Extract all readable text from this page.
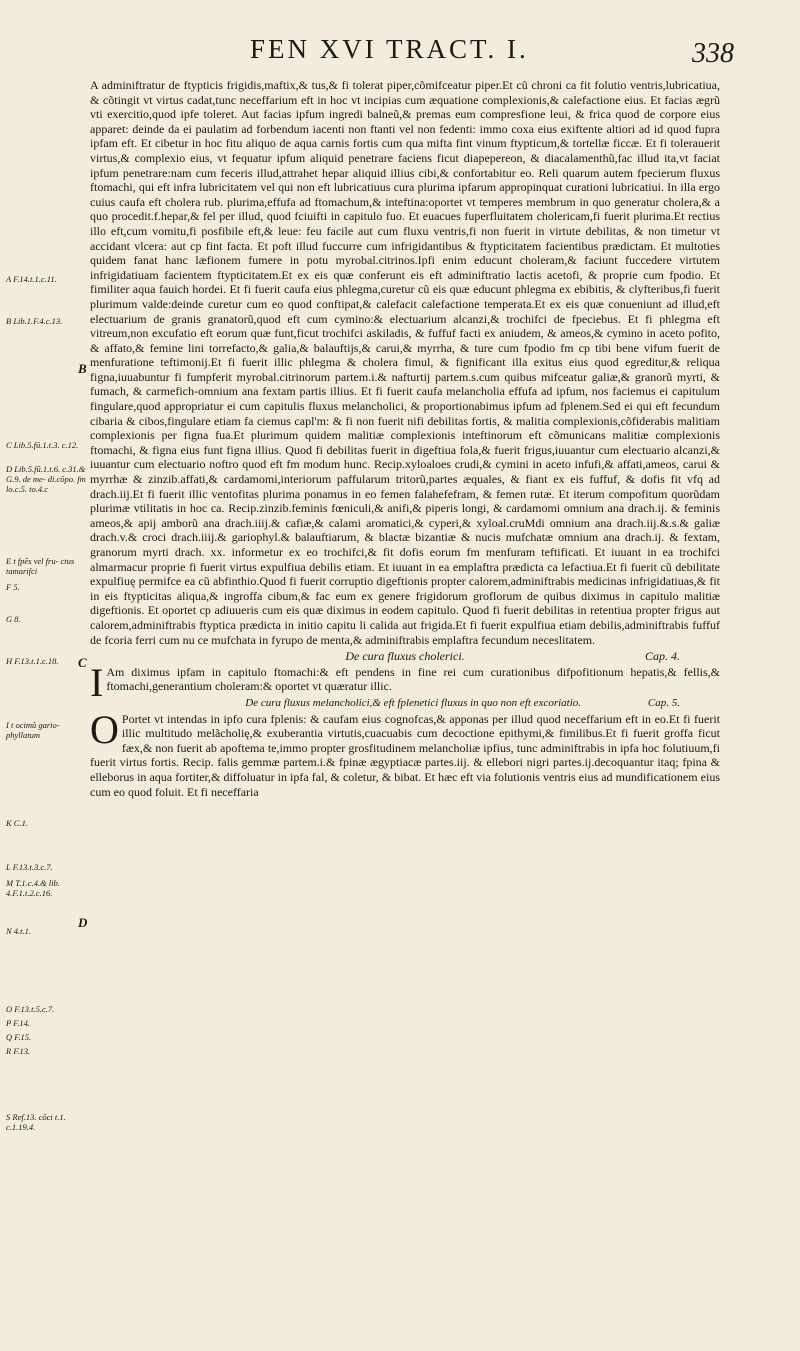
FEN XVI TRACT. I.	338
A F.14.t.1.c.11.
B Lib.1.F.4.c.13.
C Lib.5.fũ.1.t.3. c.12.
D Lib.5.fũ.1.t.6. c.31.& G.9. de me- di.cõpo. fm lo.c.5. to.4.c
E t fpẽs vel fru- ctus tamarifci
F 5.
G 8.
H F.13.t.1.c.18.
I t ocimũ gario- phyllatum
K C.1.
L F.13.t.3.c.7.
M T.1.c.4.& lib. 4.F.1.t.2.c.16.
N 4.t.1.
O F.13.t.5.c.7.
P F.14.
Q F.15.
R F.13.
S Ref.13. cõci t.1. c.1.19.4.
B
C
D

A adminiftratur de ftypticis frigidis,maftix,& tus,& fi tolerat piper,cõmifceatur piper.Et cũ chroni ca fit folutio ventris,lubricatiua, & cõtingit vt virtus cadat,tunc neceffarium eft in hoc vt incipias cum æquatione complexionis,& calefactione eius. Et facias ægrũ vti exercitio,quod ipfe toleret. Aut facias ipfum ingredi balneũ,& premas eum compresfione leui, & frica quod de corpore eius apparet: deinde da ei paulatim ad forbendum iacenti non ftanti vel non fedenti: immo coxa eius exiftente altiori ad id quod fupra ipfam eft. Et cibetur in hoc fitu aliquo de aqua carnis fortis cum qua mifta fint vinum ftypticum,& tortellæ ficcæ. Et fi tolerauerit virtus,& complexio eius, vt fequatur ipfum aliquid penetrare faciens ficut diapepereon, & diacalamenthũ,fac illud ita,vt faciat ipfum penetrare:nam cum feceris illud,attrahet hepar aliquid illius cibi,& confortabitur eo. Reli quarum autem fpecierum fluxus ftomachi, qui eft infra lubricitatem vel qui non eft lubricatiuus cura plurima ipfarum appropinquat curationi lubricatiui. In illa ergo cuius caufa eft cholera rub. plurima,effufa ad ftomachum,& inteftina:oportet vt temperes membrum in quo generatur cholera,& a quo procedit.f.hepar,& fel per illud, quod fciuifti in capitulo fuo. Et euacues fuperfluitatem cholericam,fi fuerit plurima.Et rectius illo eft,cum vomitu,fi posfibile eft,& leue: feu facile aut cum fluxu ventris,fi non fuerit in virtute debilitas, & non timetur vt accidant vlcera: aut cp fint facta. Et poft illud fuccurre cum infrigidantibus & ftypticitatem facientibus prædictam. Et multoties quidem fanat hanc læfionem fumere in potu myrobal.citrinos.Ipfi enim educunt choleram,& faciunt fuccedere virtutem infrigidatiuam facientem ftypticitatem.Et ex eis quæ conferunt eis eft adminiftratio lactis acetofi, & proprie cum fpodio. Et fimiliter aqua fauich hordei. Et fi fuerit caufa eius phlegma,curetur cũ eis quæ educunt phlegma ex ebibitis, & clyfteribus,fi fuerit plurimum valde:deinde curetur cum eo quod conftipat,& calefacit calefactione temperata.Et ex eis quæ conueniunt ad illud,eft electuarium de granis granatorũ,quod eft cum cymino:& electuarium alcanzi,& trochifci de fpeciebus. Et fi phlegma eft vitreum,non excufatio eft eorum quæ funt,ficut trochifci askiladis, & fuffuf facti ex aniudem, & ameos,& cymino in aceto pofito, & affato,& femine lini torrefacto,& galia,& balauftijs,& carui,& myrrha, & ture cum fpodio fm cp tibi bene vifum fuerit de menfuratione teftimonij.Et fi fuerit illic phlegma & cholera fimul, & fignificant illa exitus eius quod egreditur,& reliqua figna,iuuabuntur fi fumpferit myrobal.citrinorum partem.i.& nafturtij partem.s.cum quibus mifceatur galiæ,& granorũ myrti, & fumach, & carmefich-omnium ana fextam partis illius. Et fi fuerit caufa melancholia effufa ad ipfum, nos faciemus ei capitulum fingulare,quod appropriatur ei cum capitulis fluxus melancholici, & proportionabimus ipfum ad fplenem.Sed ei qui eft fecundum cibaria & cibos,fingulare etiam fa ciemus capl'm: & fi non fuerit nifi debilitas fortis, & malitia complexionis,cõfiderabis malitiam complexionis per figna fua.Et plurimum quidem malitiæ complexionis inteftinorum eft cõmunicans malitiæ complexionis ftomachi, & figna eius funt figna illius. Quod fi debilitas fuerit in digeftiua fola,& fuerit frigus,iuuantur cum electuario alcanzi,& iuuantur cum electuario noftro quod eft fm modum hunc. Recip.xyloaloes crudi,& cymini in aceto infufi,& affati,ameos, carui & myrrhæ & zinzib.affati,& cardamomi,interiorum paffularum tritorũ,partes æquales, & fiant ex eis fuffuf, & dofis fit vfq ad drach.iij.Et fi fuerit illic ventofitas plurima ponamus in eo femen falahefefram, & femen rutæ. Et iterum compofitum quorũdam plurimæ vtilitatis in hoc ca. Recip.zinzib.feminis fœniculi,& anifi,& piperis longi, & cardamomi omnium ana drach.ij. & feminis ameos,& apij amborũ ana drach.iiij.& cafiæ,& calami aromatici,& cyperi,& xyloal.cruMdi omnium ana drach.iij.&.s.& galiæ drach.v.& croci drach.iiij.& gariophyl.& balauftiarum, & blactæ bizantiæ & nucis mufchatæ omnium ana drach.ij. & fextam, granorum myrti drach. xx. informetur ex eo trochifci,& fit dofis eorum fm menfuram teftificati. Et iuuant in ea trochifci almarmacur proprie fi fuerit virtus expulfiua debilis etiam. Et iuuant in ea emplaftra prædicta ca lefactiua.Et fi fuerit cũ debilitate expulfiuę permifce ea cũ abfinthio.Quod fi fuerit corruptio digeftionis propter calorem,adminiftrabis medicinas infrigidatiuas,& fit in eis ftypticitas aliqua,& ingroffa cibum,& fac eum ex genere frigidorum groflorum de quibus diximus in capitulo malitiæ digeftionis. Et oportet cp adiuueris cum eis quæ diximus in eodem capitulo. Quod fi fuerit debilitas in retentiua propter frigus aut calorem,adminiftrabis ftyptica prædicta in initio capitu li calida aut frigida.Et fi fuerit expulfiua etiam debilis,adminiftrabis fuffuf de fcoria ferri cum nu ce mufchata in fyrupo de menta,& adminiftrabis emplaftra fecundum neceslitatem.

De cura fluxus cholerici.	Cap. 4.

I Am diximus ipfam in capitulo ftomachi:& eft pendens in fine rei cum curationibus difpofitionum hepatis,& fellis,& ftomachi,generantium choleram:& oportet vt quæratur illic.

De cura fluxus melancholici,& eft fplenetici fluxus in quo non eft excoriatio.	Cap. 5.

O Portet vt intendas in ipfo cura fplenis: & caufam eius cognofcas,& apponas per illud quod neceffarium eft in eo.Et fi fuerit illic multitudo melãcholię,& exuberantia virtutis,cuacuabis cum decoctione epithymi,& fimilibus.Et fi fuerit groffa ficut fæx,& non fuerit ab apoftema te,immo propter grosfitudinem melancholiæ ipfius, tunc adminiftrabis in ipfa hoc folutiuum,fi fuerit virtus fortis. Recip. falis gemmæ partem.i.& fpinæ ægyptiacæ partes.iij. & ellebori nigri partes.ij.decoquantur itaq; fpina & elleborus in aqua fortiter,& diffoluatur in ipfa fal, & coletur, & bibat. Et hæc eft via folutionis ventris eius ad mundificationem eius cum eo quod foluit. Et fi neceffaria
